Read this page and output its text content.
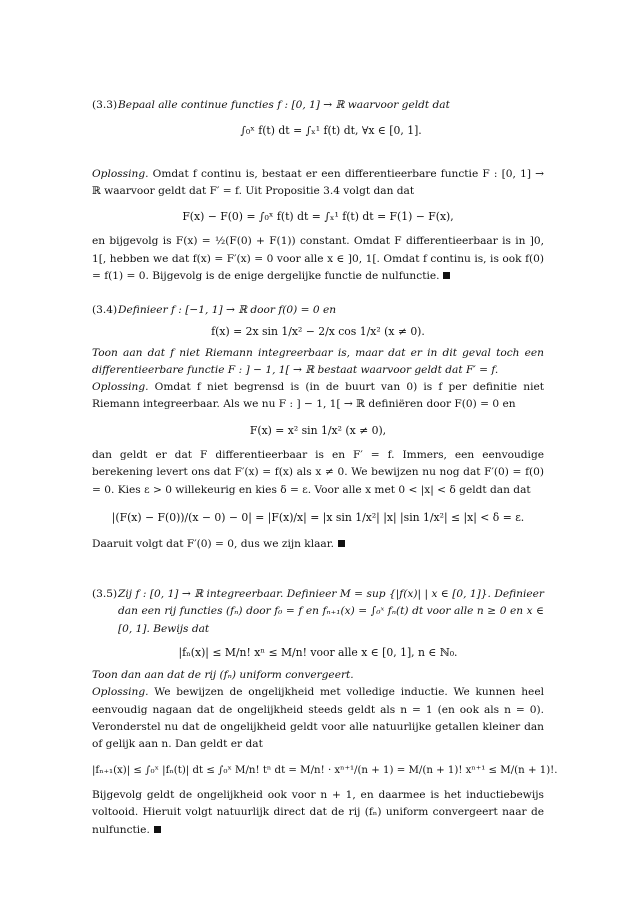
(3.3) Bepaal alle continue functies f : [0, 1] → ℝ waarvoor geldt dat

∫₀ˣ f(t) dt = ∫ₓ¹ f(t) dt, ∀x ∈ [0, 1].

Oplossing. Omdat f continu is, bestaat er een differentieerbare functie F : [0, 1] → ℝ waarvoor geldt dat F′ = f. Uit Propositie 3.4 volgt dan dat

F(x) − F(0) = ∫₀ˣ f(t) dt = ∫ₓ¹ f(t) dt = F(1) − F(x),

en bijgevolg is F(x) = ½(F(0) + F(1)) constant. Omdat F differentieerbaar is in ]0, 1[, hebben we dat f(x) = F′(x) = 0 voor alle x ∈ ]0, 1[. Omdat f continu is, is ook f(0) = f(1) = 0. Bijgevolg is de enige dergelijke functie de nulfunctie.

(3.4) Definieer f : [−1, 1] → ℝ door f(0) = 0 en

f(x) = 2x sin 1/x² − 2/x cos 1/x² (x ≠ 0).

Toon aan dat f niet Riemann integreerbaar is, maar dat er in dit geval toch een differentieerbare functie F : ] − 1, 1[ → ℝ bestaat waarvoor geldt dat F′ = f.

Oplossing. Omdat f niet begrensd is (in de buurt van 0) is f per definitie niet Riemann integreerbaar. Als we nu F : ] − 1, 1[ → ℝ definiëren door F(0) = 0 en

F(x) = x² sin 1/x² (x ≠ 0),

dan geldt er dat F differentieerbaar is en F′ = f. Immers, een eenvoudige berekening levert ons dat F′(x) = f(x) als x ≠ 0. We bewijzen nu nog dat F′(0) = f(0) = 0. Kies ε > 0 willekeurig en kies δ = ε. Voor alle x met 0 < |x| < δ geldt dan dat

|(F(x) − F(0))/(x − 0) − 0| = |F(x)/x| = |x sin 1/x²| |x| |sin 1/x²| ≤ |x| < δ = ε.

Daaruit volgt dat F′(0) = 0, dus we zijn klaar.

(3.5) Zij f : [0, 1] → ℝ integreerbaar. Definieer M = sup {|f(x)| | x ∈ [0, 1]}. Definieer dan een rij functies (fₙ) door f₀ = f en fₙ₊₁(x) = ∫₀ˣ fₙ(t) dt voor alle n ≥ 0 en x ∈ [0, 1]. Bewijs dat

|fₙ(x)| ≤ M/n! xⁿ ≤ M/n! voor alle x ∈ [0, 1], n ∈ ℕ₀.

Toon dan aan dat de rij (fₙ) uniform convergeert.

Oplossing. We bewijzen de ongelijkheid met volledige inductie. We kunnen heel eenvoudig nagaan dat de ongelijkheid steeds geldt als n = 1 (en ook als n = 0). Veronderstel nu dat de ongelijkheid geldt voor alle natuurlijke getallen kleiner dan of gelijk aan n. Dan geldt er dat

|fₙ₊₁(x)| ≤ ∫₀ˣ |fₙ(t)| dt ≤ ∫₀ˣ M/n! tⁿ dt = M/n! · xⁿ⁺¹/(n + 1) = M/(n + 1)! xⁿ⁺¹ ≤ M/(n + 1)!.

Bijgevolg geldt de ongelijkheid ook voor n + 1, en daarmee is het inductiebewijs voltooid. Hieruit volgt natuurlijk direct dat de rij (fₙ) uniform convergeert naar de nulfunctie.
